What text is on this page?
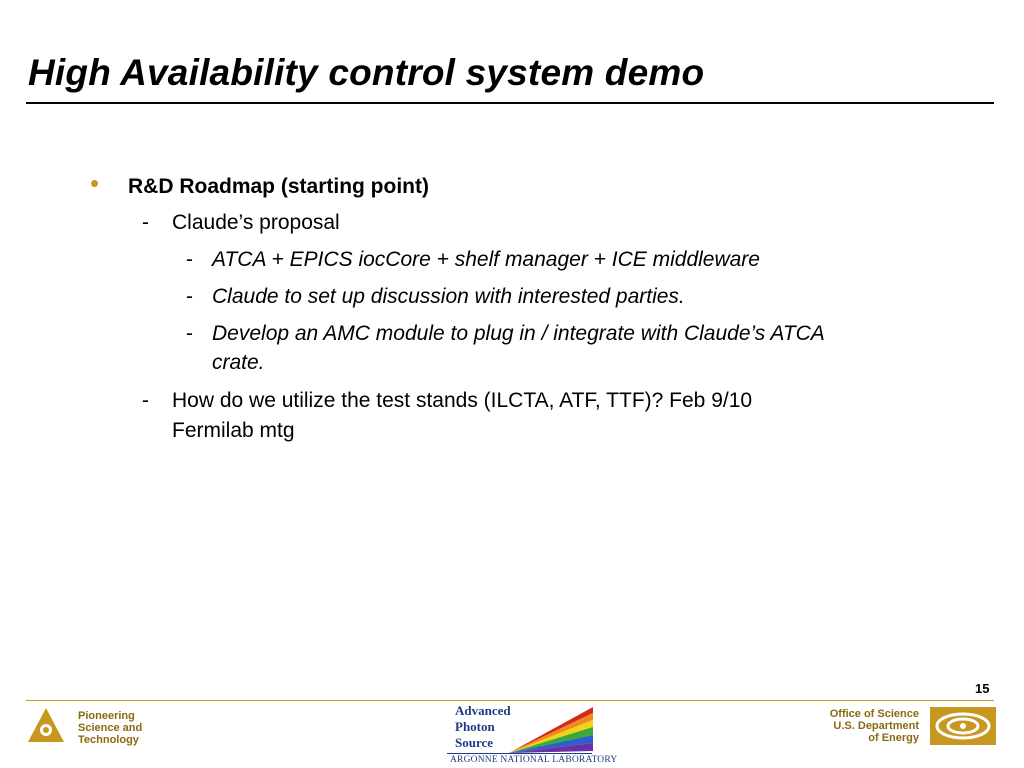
High Availability control system demo
• R&D Roadmap (starting point)
- Claude’s proposal
- ATCA + EPICS iocCore + shelf manager + ICE middleware
- Claude to set up discussion with interested parties.
- Develop an AMC module to plug in / integrate with Claude’s ATCA
crate.
- How do we utilize the test stands (ILCTA, ATF, TTF)? Feb 9/10
Fermilab mtg
15
Pioneering
Science and
Technology
Advanced
Photon
Source
ARGONNE NATIONAL LABORATORY
Office of Science
U.S. Department
of Energy
